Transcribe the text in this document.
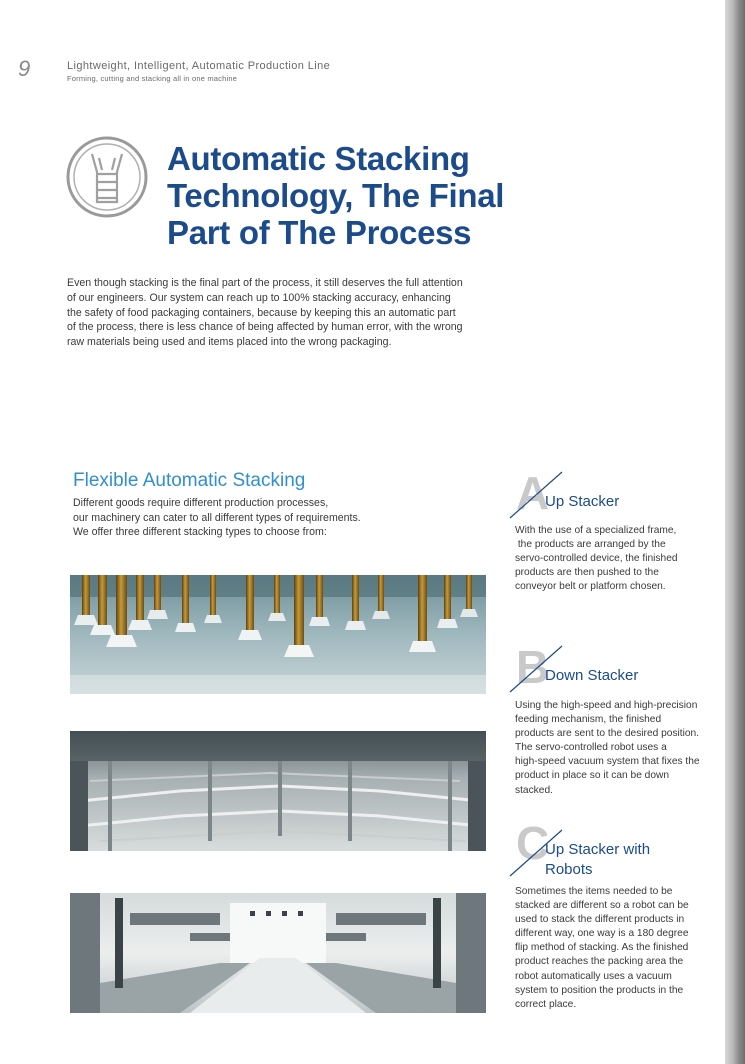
9	Lightweight, Intelligent, Automatic Production Line
Forming, cutting and stacking all in one machine
Automatic Stacking
Technology, The Final
Part of The Process
Even though stacking is the final part of the process, it still deserves the full attention
of our engineers. Our system can reach up to 100% stacking accuracy, enhancing
the safety of food packaging containers, because by keeping this an automatic part
of the process, there is less chance of being affected by human error, with the wrong
raw materials being used and items placed into the wrong packaging.
Flexible Automatic Stacking
Different goods require different production processes,
our machinery can cater to all different types of requirements.
We offer three different stacking types to choose from:
A
Up Stacker
With the use of a specialized frame,
the products are arranged by the
servo-controlled device, the finished
products are then pushed to the
conveyor belt or platform chosen.
B
Down Stacker
Using the high-speed and high-precision
feeding mechanism, the finished
products are sent to the desired position.
The servo-controlled robot uses a
high-speed vacuum system that fixes the
product in place so it can be down
stacked.
C
Up Stacker with
Robots
Sometimes the items needed to be
stacked are different so a robot can be
used to stack the different products in
different way, one way is a 180 degree
flip method of stacking. As the finished
product reaches the packing area the
robot automatically uses a vacuum
system to position the products in the
correct place.
